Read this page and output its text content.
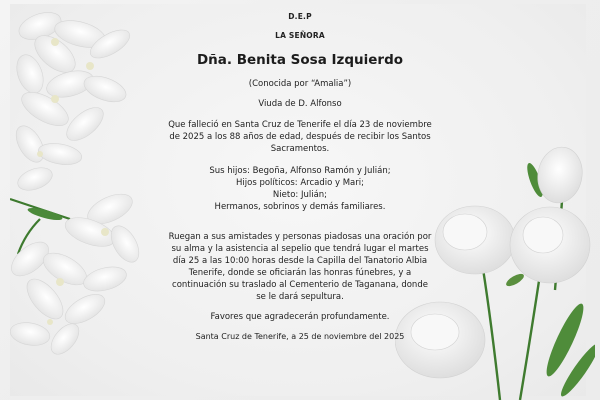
D.E.P
LA SEÑORA
Dña. Benita Sosa Izquierdo

(Conocida por “Amalia”)

Viuda de D. Alfonso

Que falleció en Santa Cruz de Tenerife el día 23 de noviembre

de 2025 a los 88 años de edad, después de recibir los Santos

Sacramentos.

Sus hijos: Begoña, Alfonso Ramón y Julián;

Hijos políticos: Arcadio y Mari;

Nieto: Julián;

Hermanos, sobrinos y demás familiares.

Ruegan a sus amistades y personas piadosas una oración por

su alma y la asistencia al sepelio que tendrá lugar el martes

día 25 a las 10:00 horas desde la Capilla del Tanatorio Albia

Tenerife, donde se oficiarán las honras fúnebres, y a

continuación su traslado al Cementerio de Taganana, donde

se le dará sepultura.

Favores que agradecerán profundamente.

Santa Cruz de Tenerife, a 25 de noviembre del 2025
